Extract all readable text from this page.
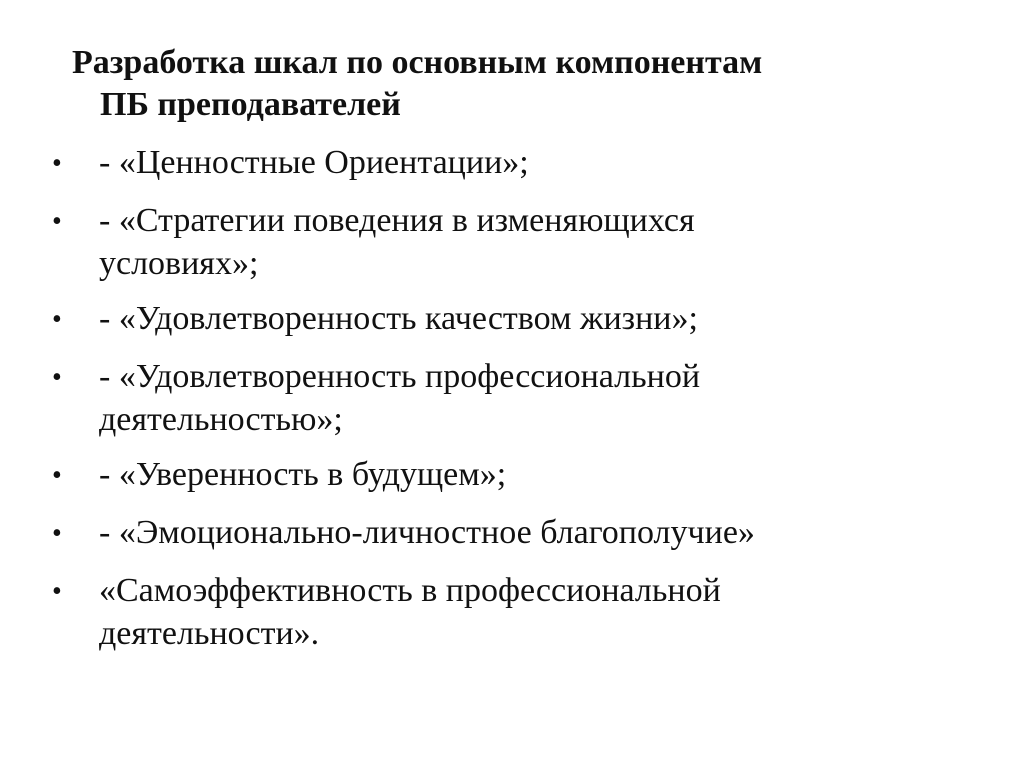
Разработка шкал по основным компонентам
ПБ преподавателей
•	- «Ценностные Ориентации»;
•	- «Стратегии поведения в изменяющихся
условиях»;
•	- «Удовлетворенность качеством жизни»;
•	- «Удовлетворенность профессиональной
деятельностью»;
•	- «Уверенность в будущем»;
•	- «Эмоционально-личностное благополучие»
•	«Самоэффективность в профессиональной
деятельности».
